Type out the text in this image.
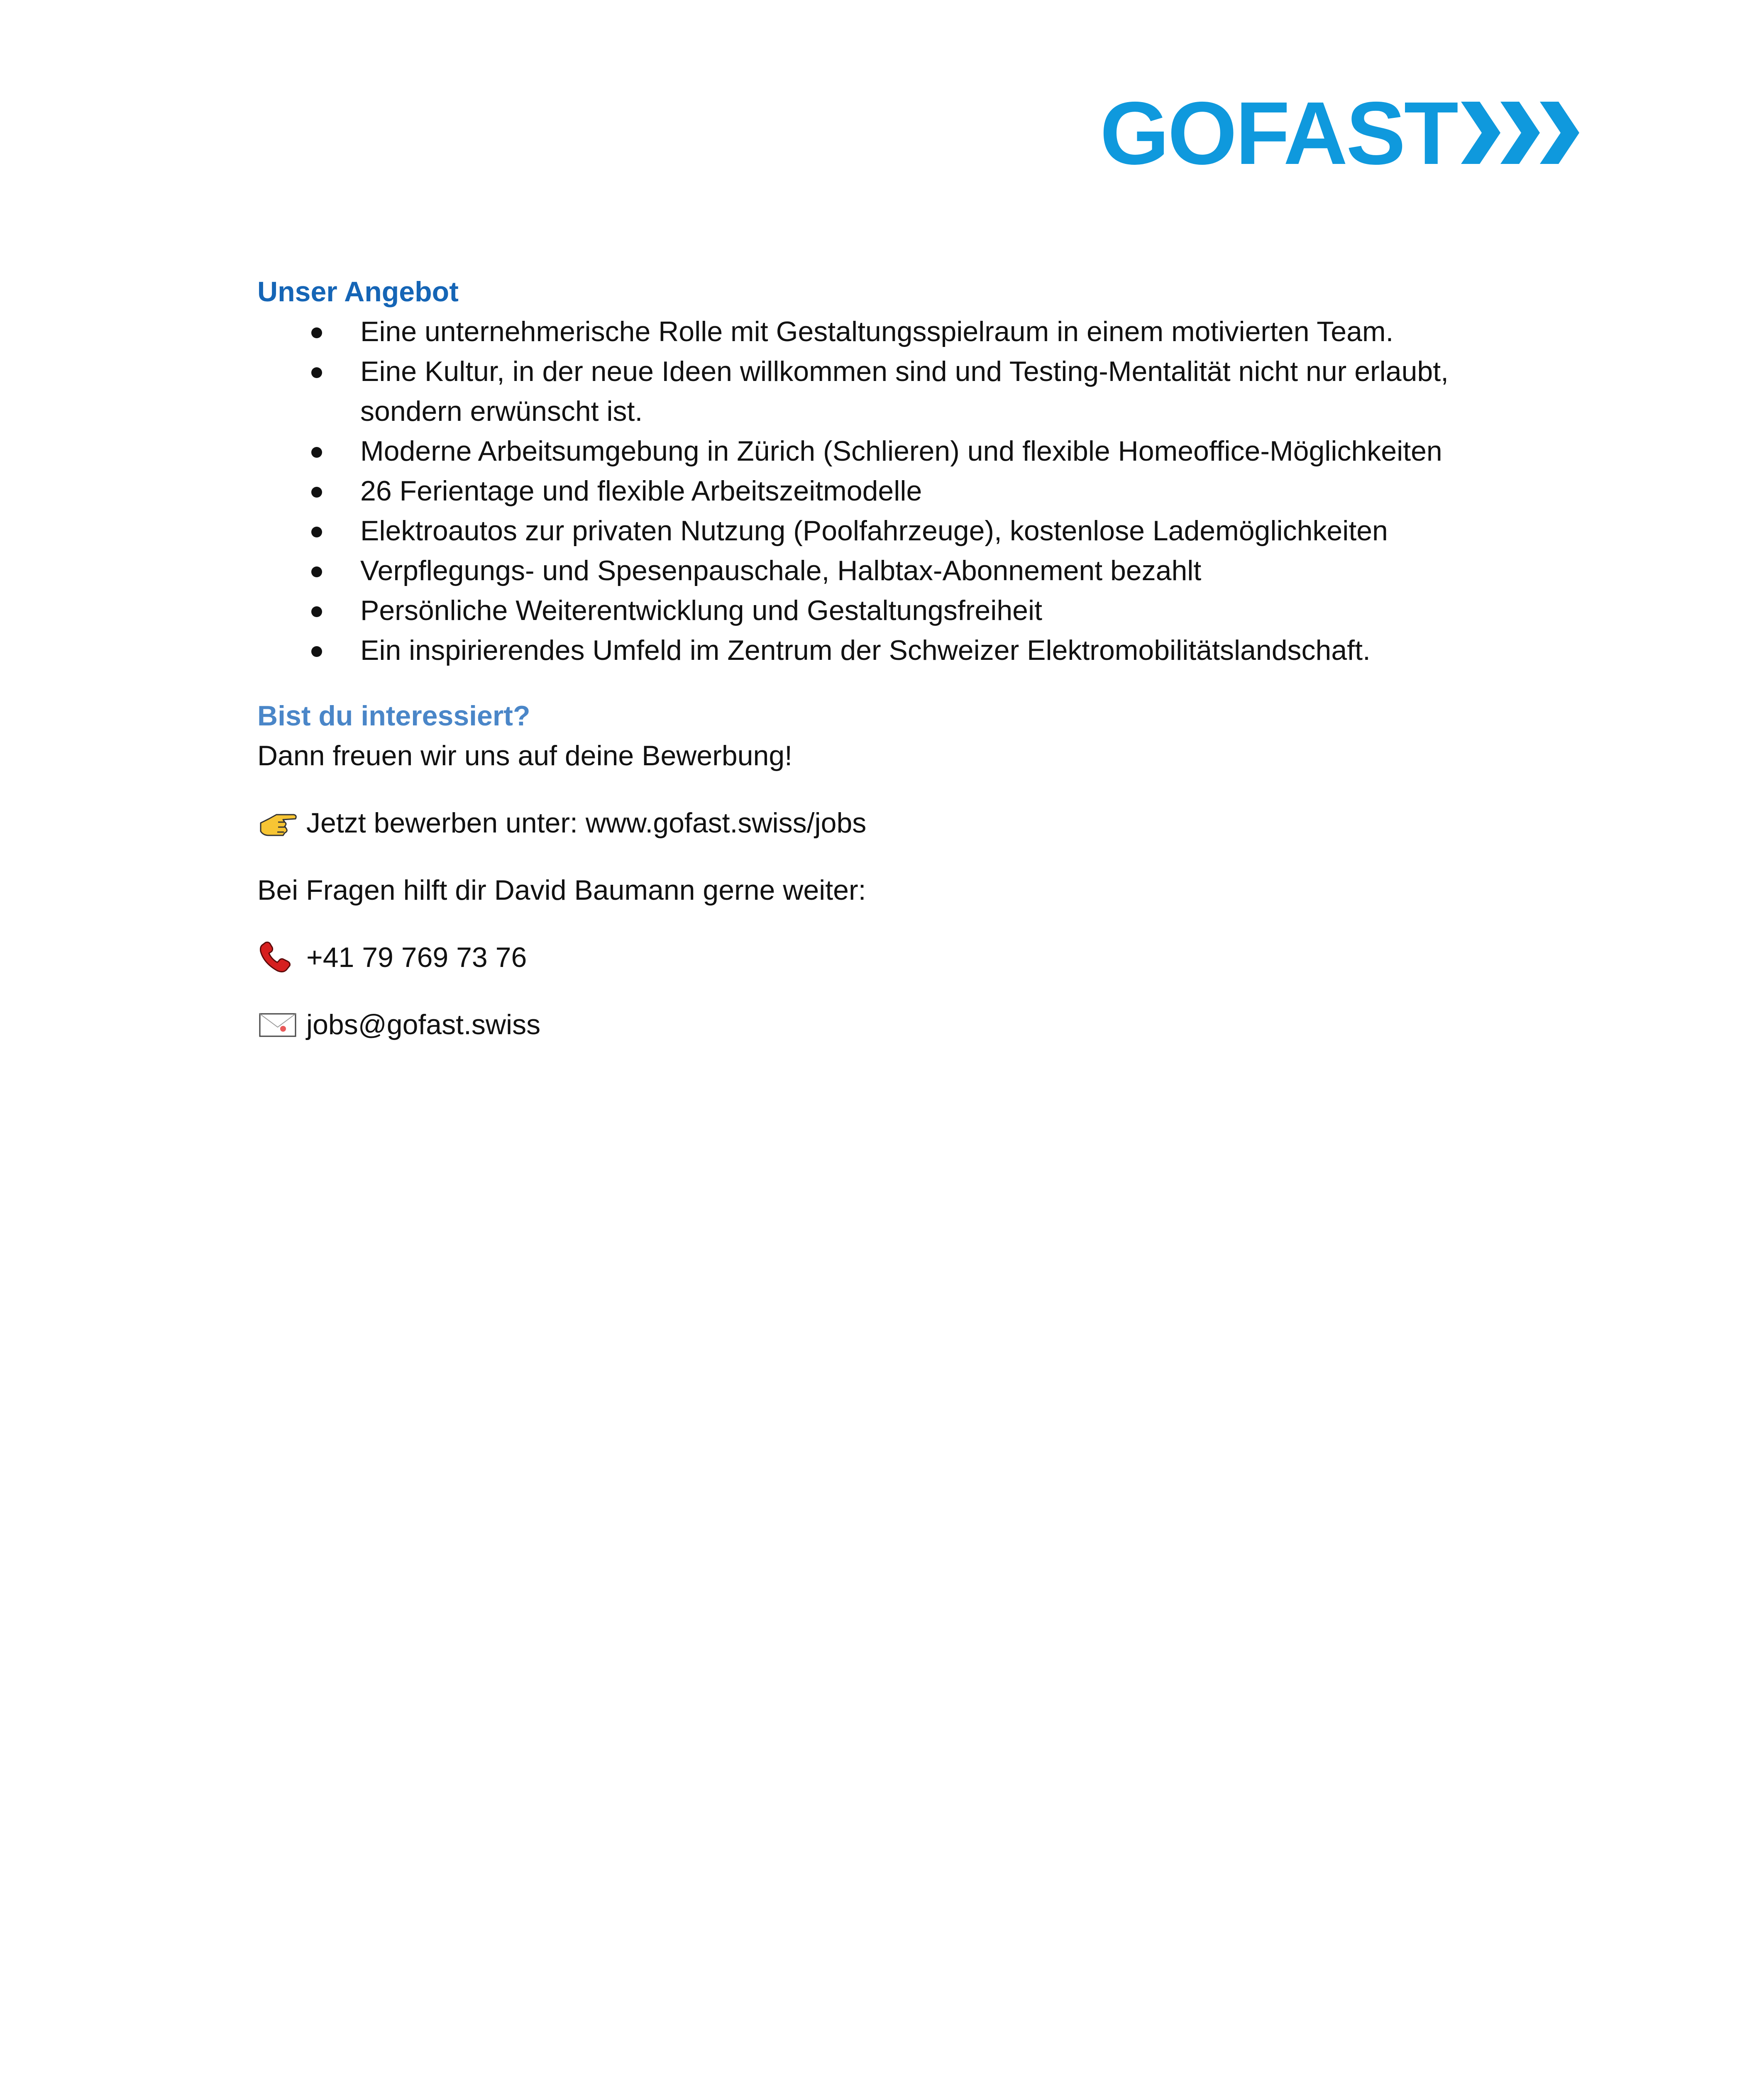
GOFAST
Unser Angebot
Eine unternehmerische Rolle mit Gestaltungsspielraum in einem motivierten Team.
Eine Kultur, in der neue Ideen willkommen sind und Testing-Mentalität nicht nur erlaubt, sondern erwünscht ist.
Moderne Arbeitsumgebung in Zürich (Schlieren) und flexible Homeoffice-Möglichkeiten
26 Ferientage und flexible Arbeitszeitmodelle
Elektroautos zur privaten Nutzung (Poolfahrzeuge), kostenlose Lademöglichkeiten
Verpflegungs- und Spesenpauschale, Halbtax-Abonnement bezahlt
Persönliche Weiterentwicklung und Gestaltungsfreiheit
Ein inspirierendes Umfeld im Zentrum der Schweizer Elektromobilitätslandschaft.
Bist du interessiert?

Dann freuen wir uns auf deine Bewerbung!

Jetzt bewerben unter: www.gofast.swiss/jobs

Bei Fragen hilft dir David Baumann gerne weiter:

+41 79 769 73 76
jobs@gofast.swiss
